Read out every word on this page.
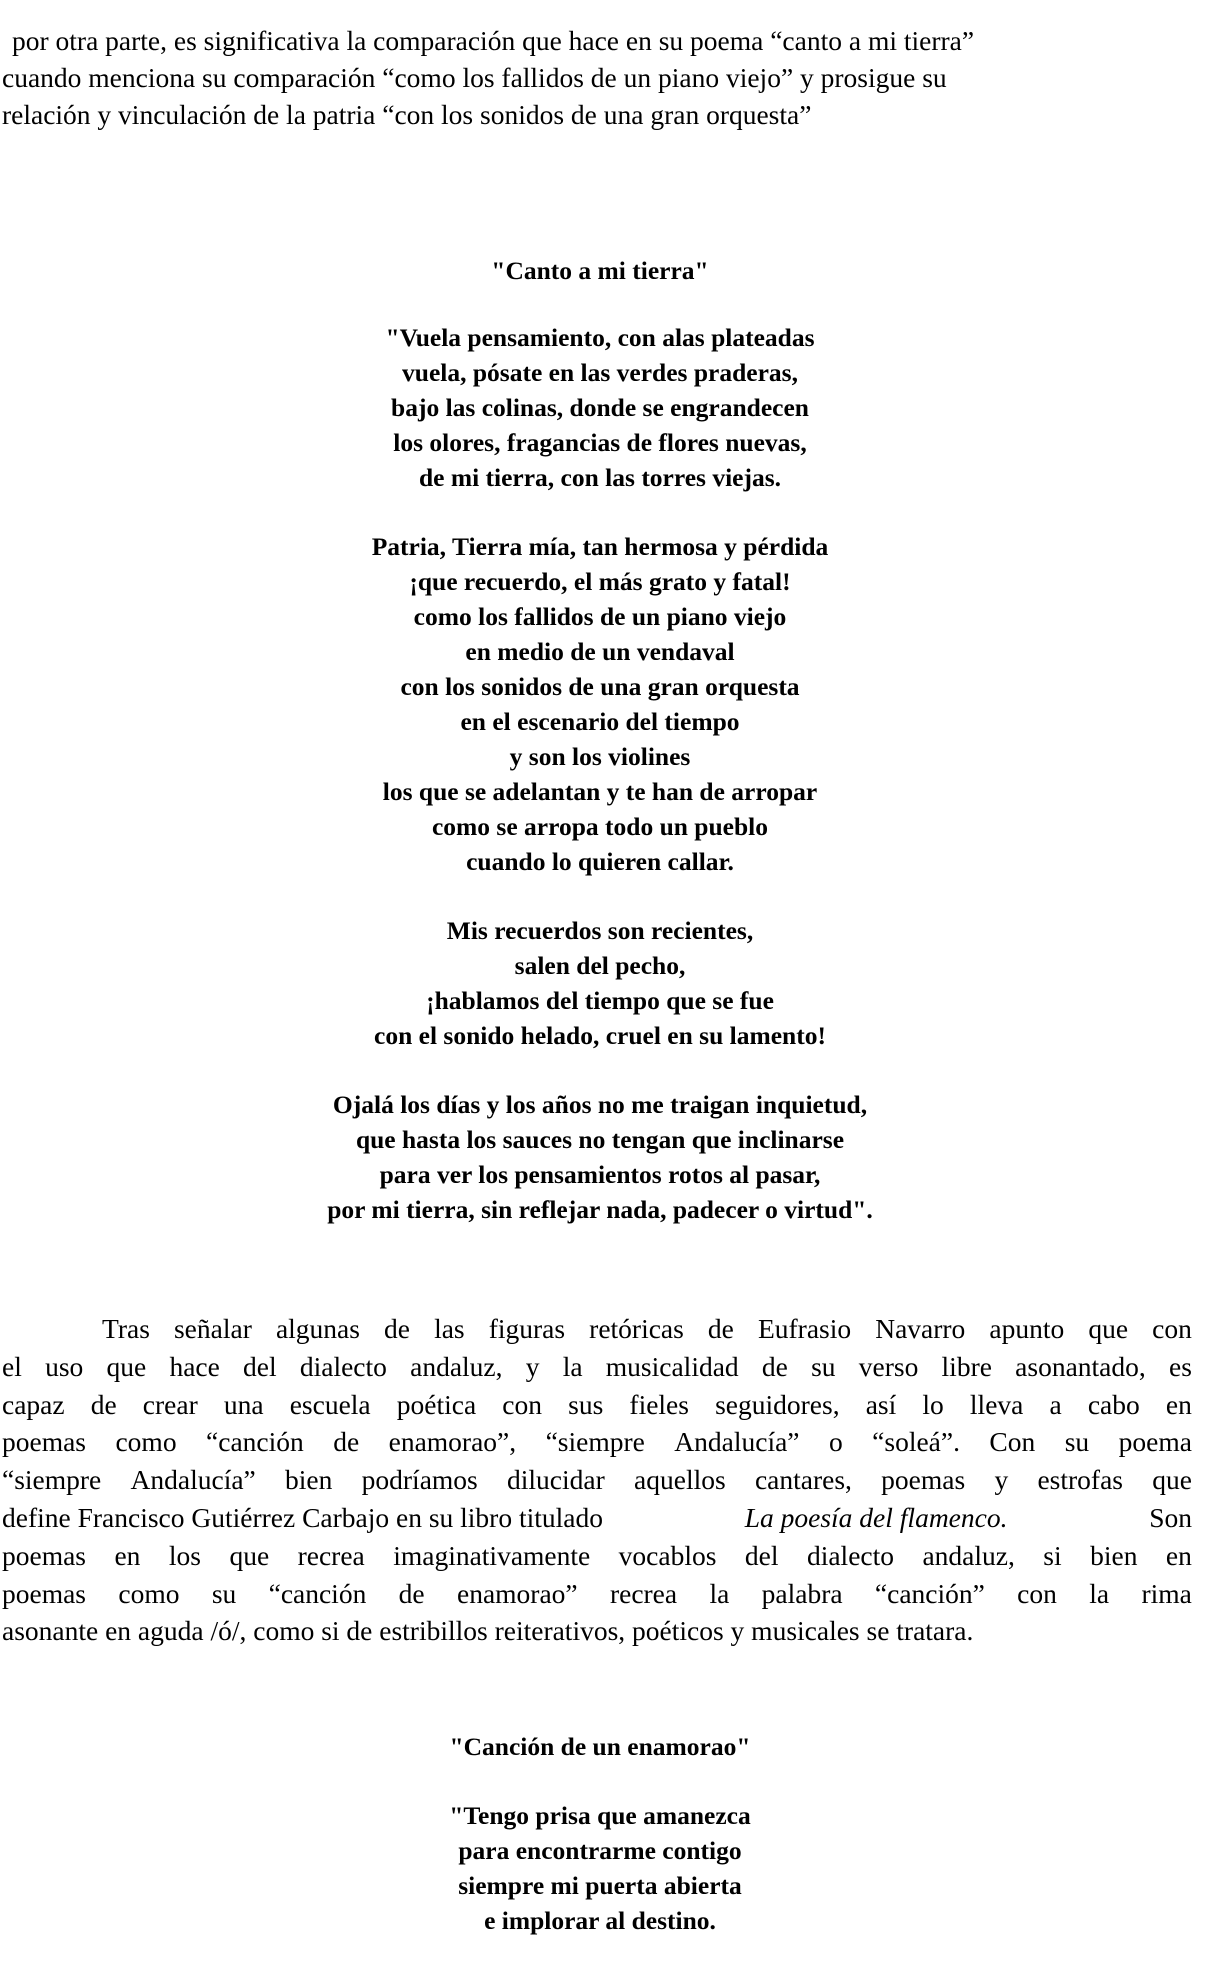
por otra parte, es significativa la comparación que hace en su poema “canto a mi tierra”
cuando menciona su comparación “como los fallidos de un piano viejo” y prosigue su
relación y vinculación de la patria “con los sonidos de una gran orquesta”
"Canto a mi tierra"
"Vuela pensamiento, con alas plateadas
vuela, pósate en las verdes praderas,
bajo las colinas, donde se engrandecen
los olores, fragancias de flores nuevas,
de mi tierra, con las torres viejas.
Patria, Tierra mía, tan hermosa y pérdida
¡que recuerdo, el más grato y fatal!
como los fallidos de un piano viejo
en medio de un vendaval
con los sonidos de una gran orquesta
en el escenario del tiempo
y son los violines
los que se adelantan y te han de arropar
como se arropa todo un pueblo
cuando lo quieren callar.
Mis recuerdos son recientes,
salen del pecho,
¡hablamos del tiempo que se fue
con el sonido helado, cruel en su lamento!
Ojalá los días y los años no me traigan inquietud,
que hasta los sauces no tengan que inclinarse
para ver los pensamientos rotos al pasar,
por mi tierra, sin reflejar nada, padecer o virtud".
Tras señalar algunas de las figuras retóricas de Eufrasio Navarro apunto que con
el uso que hace del dialecto andaluz, y la musicalidad de su verso libre asonantado, es
capaz de crear una escuela poética con sus fieles seguidores, así lo lleva a cabo en
poemas como “canción de enamorao”, “siempre Andalucía” o “soleá”. Con su poema
“siempre Andalucía” bien podríamos dilucidar aquellos cantares, poemas y estrofas que
define Francisco Gutiérrez Carbajo en su libro titulado	La poesía del flamenco.	Son
poemas en los que recrea imaginativamente vocablos del dialecto andaluz, si bien en
poemas como su “canción de enamorao” recrea la palabra “canción” con la rima
asonante en aguda /ó/, como si de estribillos reiterativos, poéticos y musicales se tratara.
"Canción de un enamorao"
"Tengo prisa que amanezca
para encontrarme contigo
siempre mi puerta abierta
e implorar al destino.
